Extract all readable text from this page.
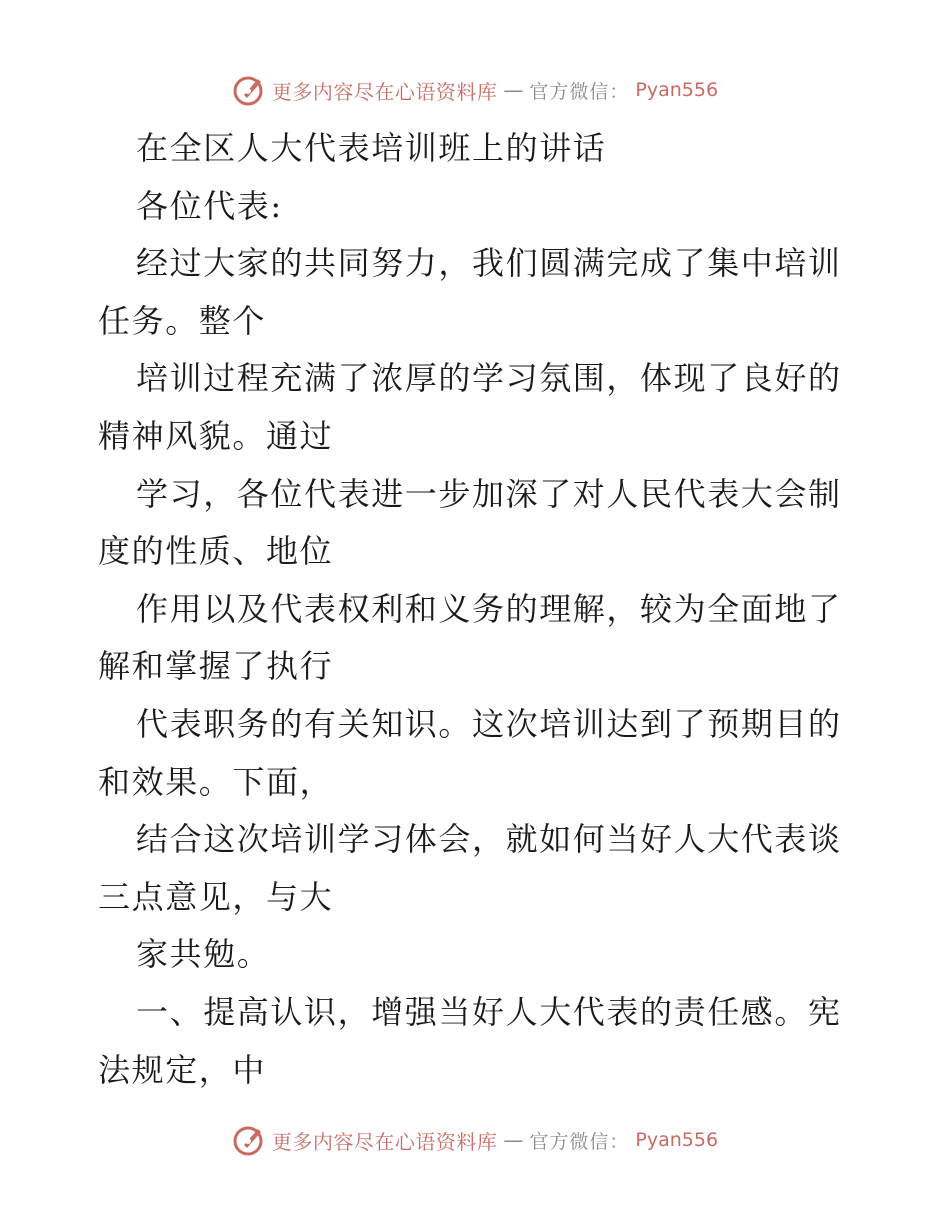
更多内容尽在心语资料库 — 官方微信： Pyan556
在全区人大代表培训班上的讲话
各位代表:
经过大家的共同努力，我们圆满完成了集中培训
任务。整个
培训过程充满了浓厚的学习氛围，体现了良好的
精神风貌。通过
学习，各位代表进一步加深了对人民代表大会制
度的性质、地位
作用以及代表权利和义务的理解，较为全面地了
解和掌握了执行
代表职务的有关知识。这次培训达到了预期目的
和效果。下面，
结合这次培训学习体会，就如何当好人大代表谈
三点意见，与大
家共勉。
一、提高认识，增强当好人大代表的责任感。宪
法规定，中
更多内容尽在心语资料库 — 官方微信： Pyan556
